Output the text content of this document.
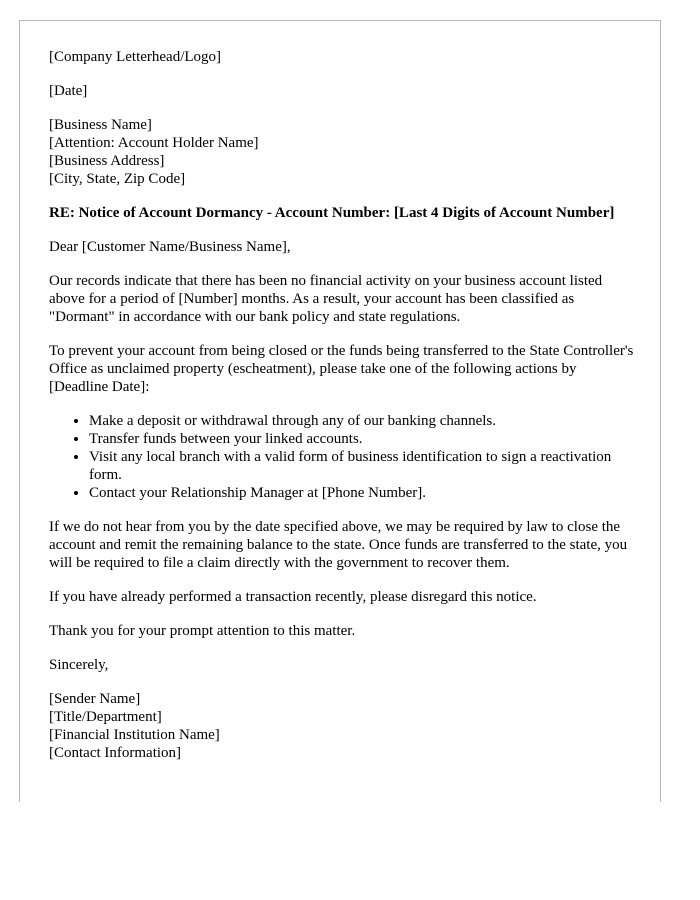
[Company Letterhead/Logo]

[Date]

[Business Name]

[Attention: Account Holder Name]

[Business Address]

[City, State, Zip Code]

RE: Notice of Account Dormancy - Account Number: [Last 4 Digits of Account Number]

Dear [Customer Name/Business Name],

Our records indicate that there has been no financial activity on your business account listed above for a period of [Number] months. As a result, your account has been classified as "Dormant" in accordance with our bank policy and state regulations.

To prevent your account from being closed or the funds being transferred to the State Controller's Office as unclaimed property (escheatment), please take one of the following actions by [Deadline Date]:

• Make a deposit or withdrawal through any of our banking channels.
• Transfer funds between your linked accounts.
• Visit any local branch with a valid form of business identification to sign a reactivation form.
• Contact your Relationship Manager at [Phone Number].

If we do not hear from you by the date specified above, we may be required by law to close the account and remit the remaining balance to the state. Once funds are transferred to the state, you will be required to file a claim directly with the government to recover them.

If you have already performed a transaction recently, please disregard this notice.

Thank you for your prompt attention to this matter.

Sincerely,

[Sender Name]

[Title/Department]

[Financial Institution Name]

[Contact Information]
